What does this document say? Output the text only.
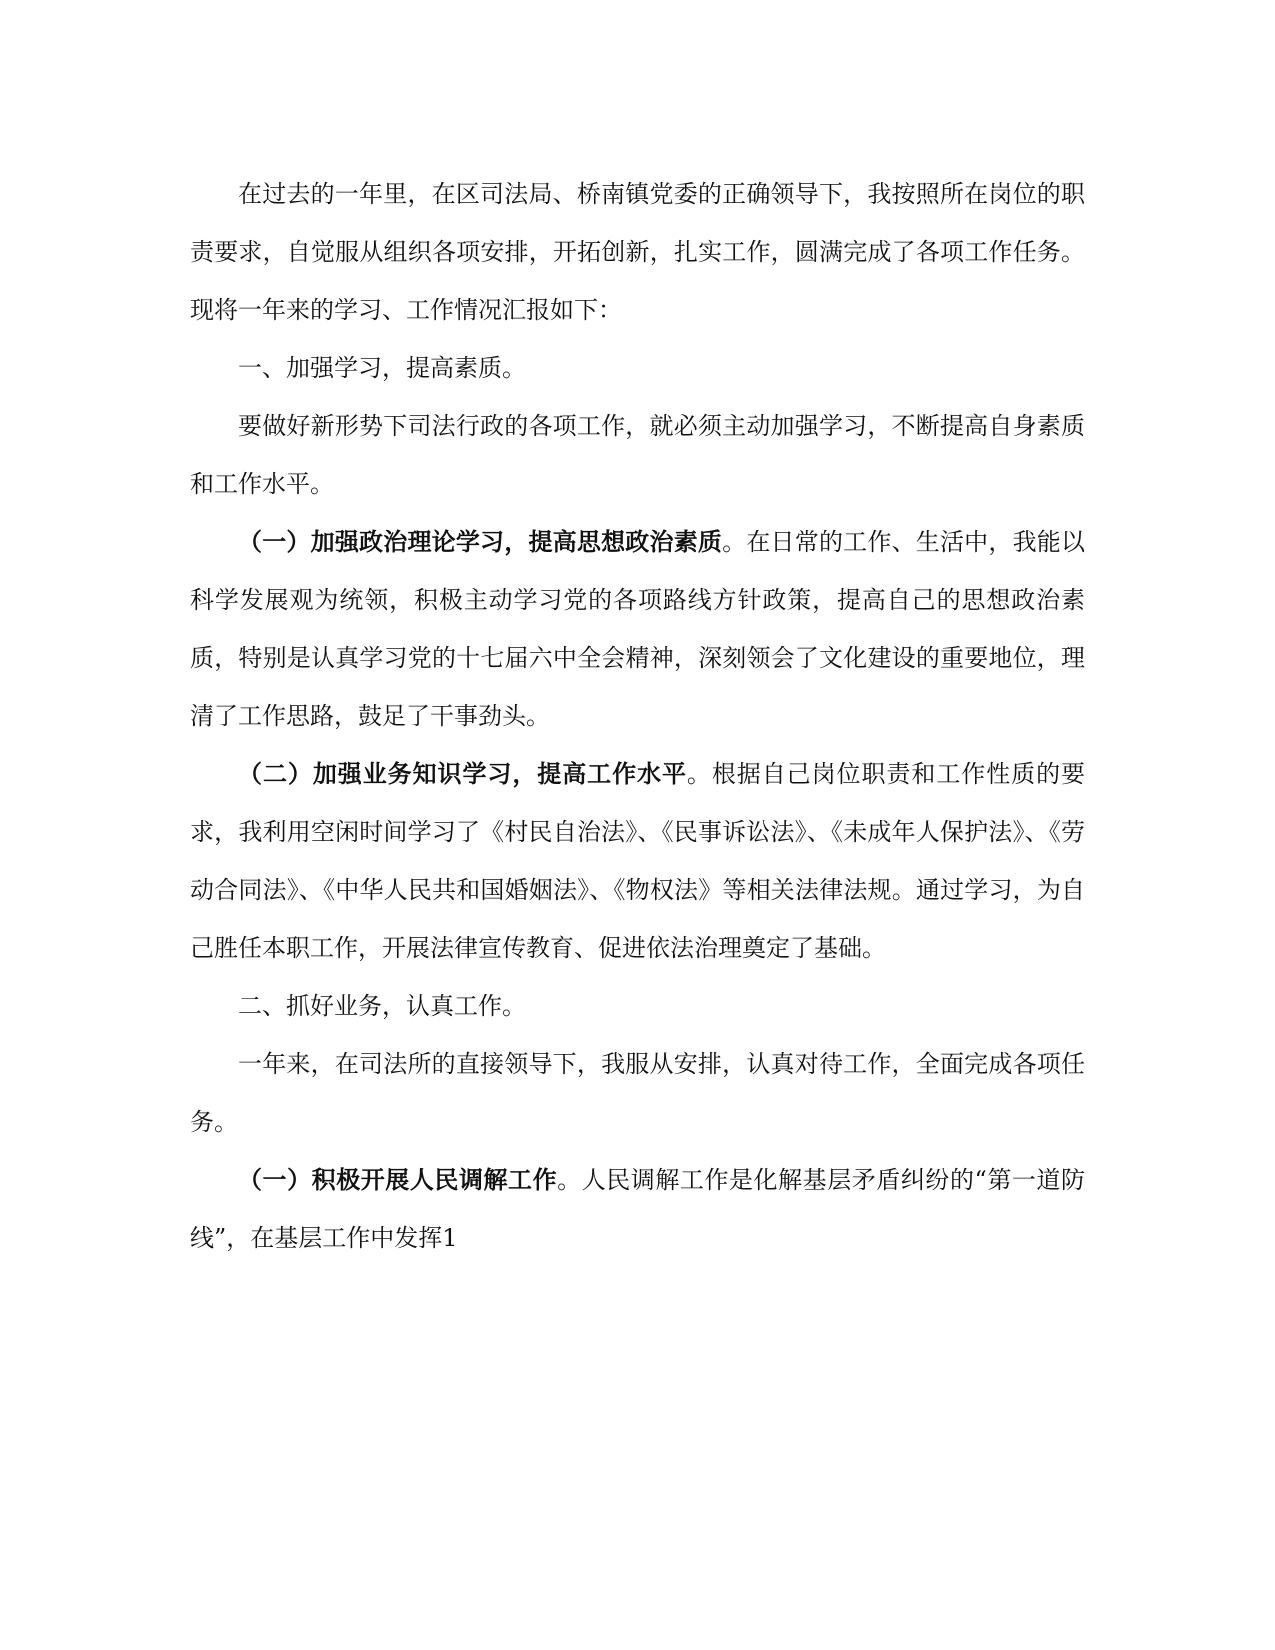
在过去的一年里，在区司法局、桥南镇党委的正确领导下，我按照所在岗位的职责要求，自觉服从组织各项安排，开拓创新，扎实工作，圆满完成了各项工作任务。现将一年来的学习、工作情况汇报如下：

一、加强学习，提高素质。

要做好新形势下司法行政的各项工作，就必须主动加强学习，不断提高自身素质和工作水平。

（一）加强政治理论学习，提高思想政治素质。在日常的工作、生活中，我能以科学发展观为统领，积极主动学习党的各项路线方针政策，提高自己的思想政治素质，特别是认真学习党的十七届六中全会精神，深刻领会了文化建设的重要地位，理清了工作思路，鼓足了干事劲头。

（二）加强业务知识学习，提高工作水平。根据自己岗位职责和工作性质的要求，我利用空闲时间学习了《村民自治法》、《民事诉讼法》、《未成年人保护法》、《劳动合同法》、《中华人民共和国婚姻法》、《物权法》等相关法律法规。通过学习，为自己胜任本职工作，开展法律宣传教育、促进依法治理奠定了基础。

二、抓好业务，认真工作。

一年来，在司法所的直接领导下，我服从安排，认真对待工作，全面完成各项任务。

（一）积极开展人民调解工作。人民调解工作是化解基层矛盾纠纷的“第一道防线”，在基层工作中发挥1
